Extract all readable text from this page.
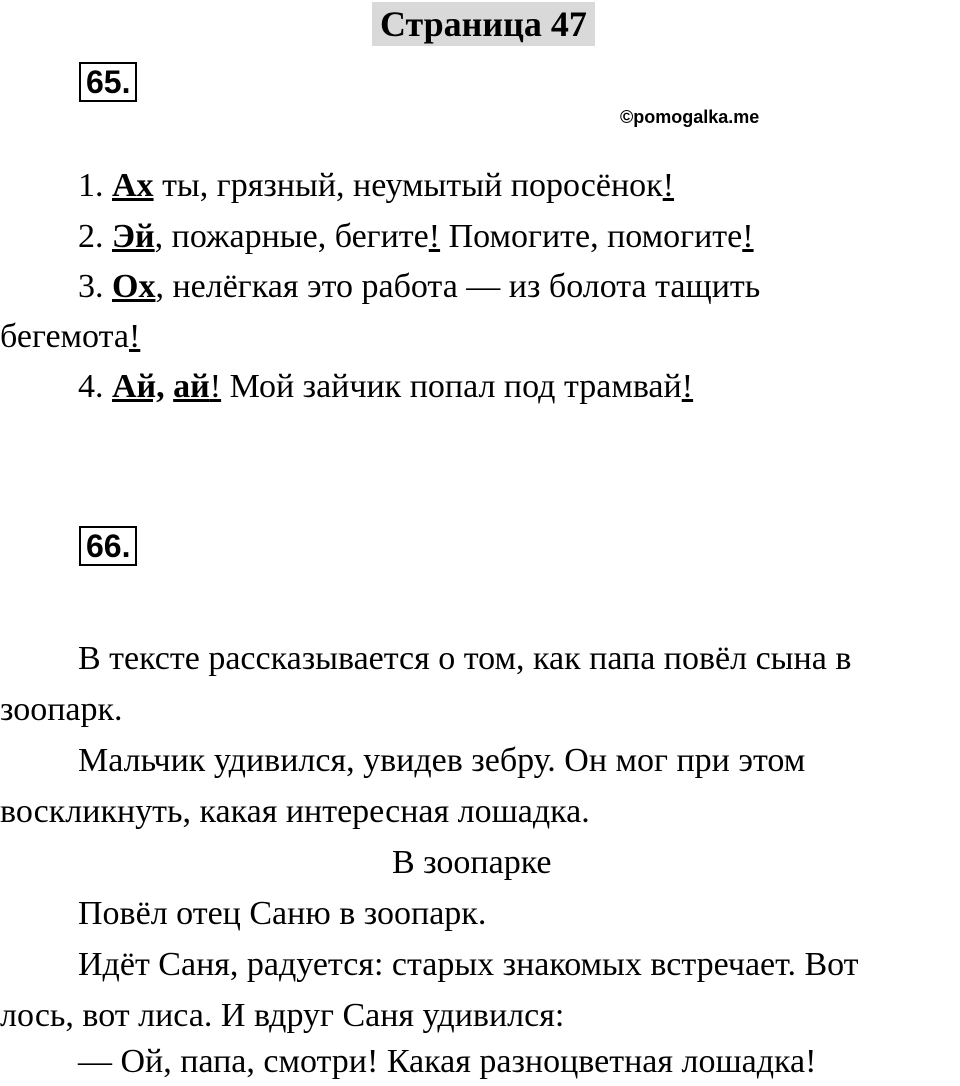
Страница 47
65.
©pomogalka.me
1. Ах ты, грязный, неумытый поросёнок!
2. Эй, пожарные, бегите! Помогите, помогите!
3. Ох, нелёгкая это работа — из болота тащить
бегемота!
4. Ай, ай! Мой зайчик попал под трамвай!
66.
В тексте рассказывается о том, как папа повёл сына в
зоопарк.
Мальчик удивился, увидев зебру. Он мог при этом
воскликнуть, какая интересная лошадка.
В зоопарке
Повёл отец Саню в зоопарк.
Идёт Саня, радуется: старых знакомых встречает. Вот
лось, вот лиса. И вдруг Саня удивился:
— Ой, папа, смотри! Какая разноцветная лошадка!
